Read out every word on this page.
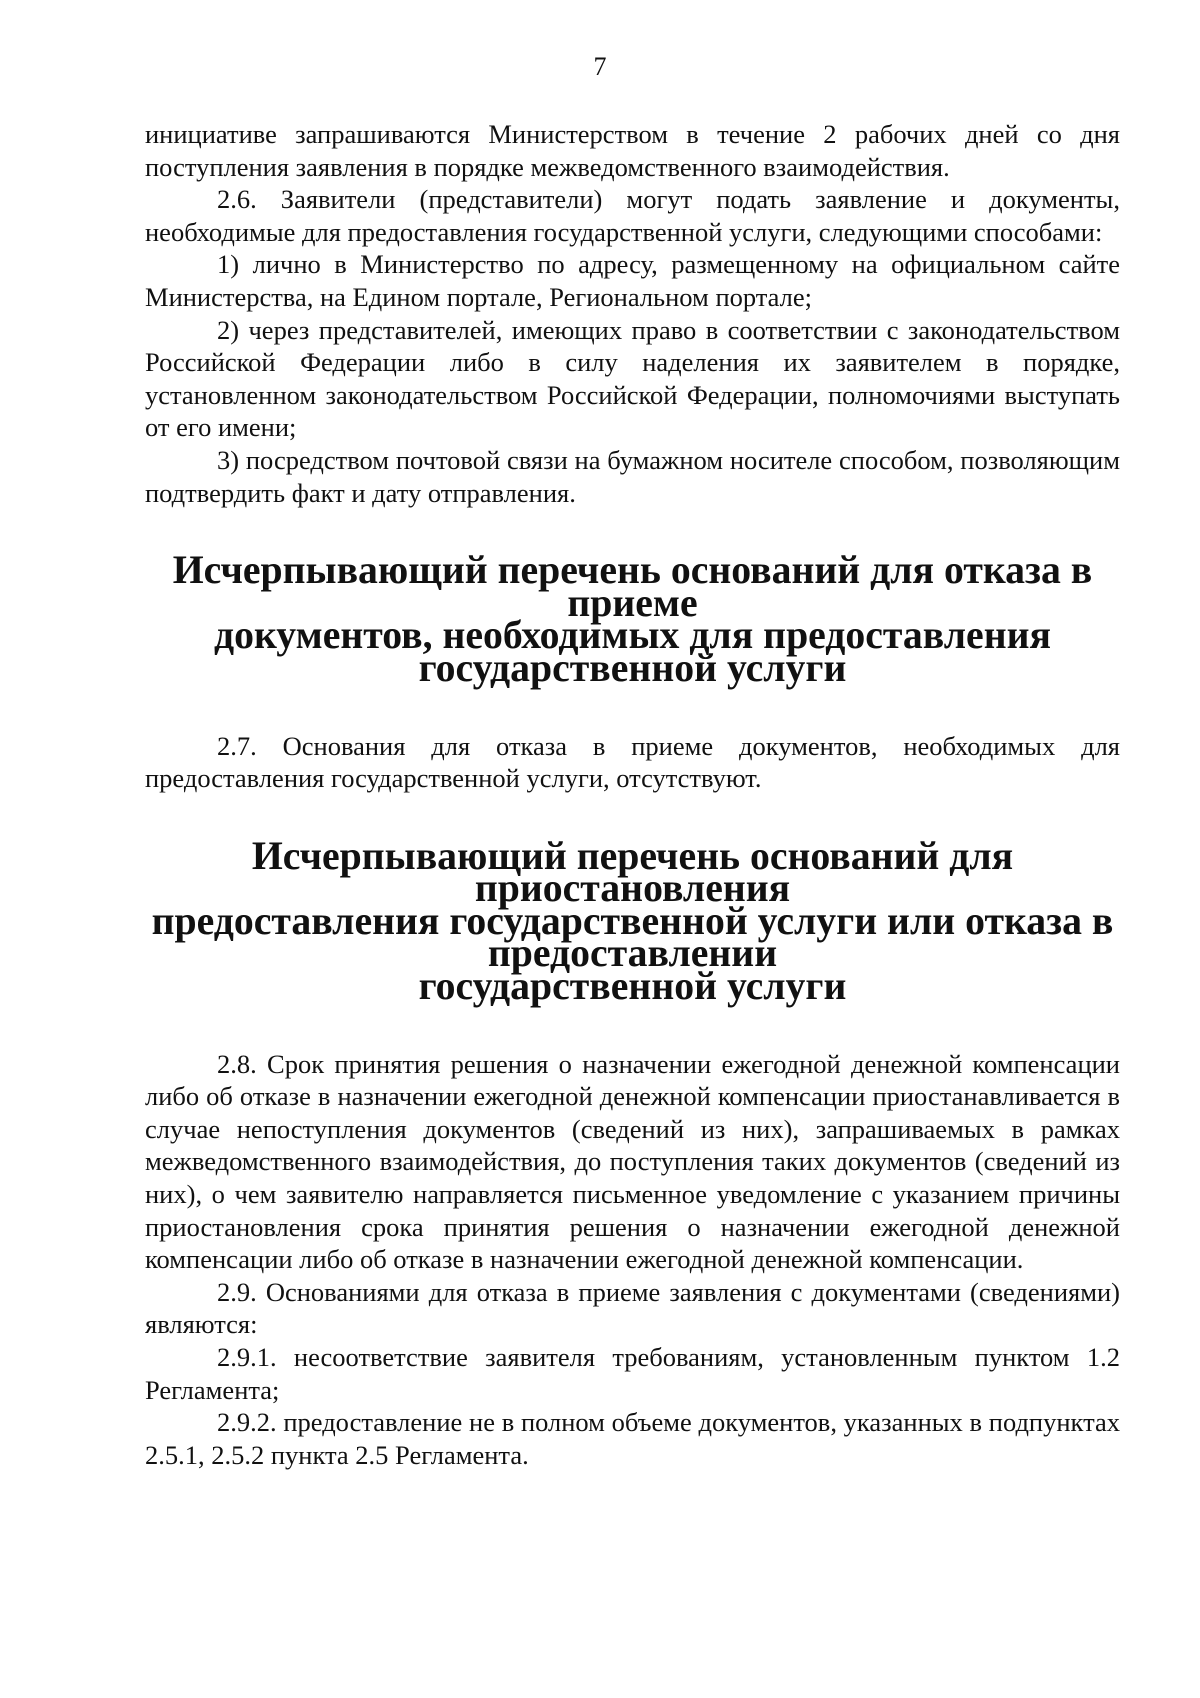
7

инициативе запрашиваются Министерством в течение 2 рабочих дней со дня поступления заявления в порядке межведомственного взаимодействия.

2.6. Заявители (представители) могут подать заявление и документы, необходимые для предоставления государственной услуги, следующими способами:

1) лично в Министерство по адресу, размещенному на официальном сайте Министерства, на Едином портале, Региональном портале;

2) через представителей, имеющих право в соответствии с законодательством Российской Федерации либо в силу наделения их заявителем в порядке, установленном законодательством Российской Федерации, полномочиями выступать от его имени;

3) посредством почтовой связи на бумажном носителе способом, позволяющим подтвердить факт и дату отправления.

Исчерпывающий перечень оснований для отказа в приеме
документов, необходимых для предоставления
государственной услуги

2.7. Основания для отказа в приеме документов, необходимых для предоставления государственной услуги, отсутствуют.

Исчерпывающий перечень оснований для приостановления
предоставления государственной услуги или отказа в предоставлении
государственной услуги

2.8. Срок принятия решения о назначении ежегодной денежной компенсации либо об отказе в назначении ежегодной денежной компенсации приостанавливается в случае непоступления документов (сведений из них), запрашиваемых в рамках межведомственного взаимодействия, до поступления таких документов (сведений из них), о чем заявителю направляется письменное уведомление с указанием причины приостановления срока принятия решения о назначении ежегодной денежной компенсации либо об отказе в назначении ежегодной денежной компенсации.

2.9. Основаниями для отказа в приеме заявления с документами (сведениями) являются:

2.9.1. несоответствие заявителя требованиям, установленным пунктом 1.2 Регламента;

2.9.2. предоставление не в полном объеме документов, указанных в подпунктах 2.5.1, 2.5.2 пункта 2.5 Регламента.
